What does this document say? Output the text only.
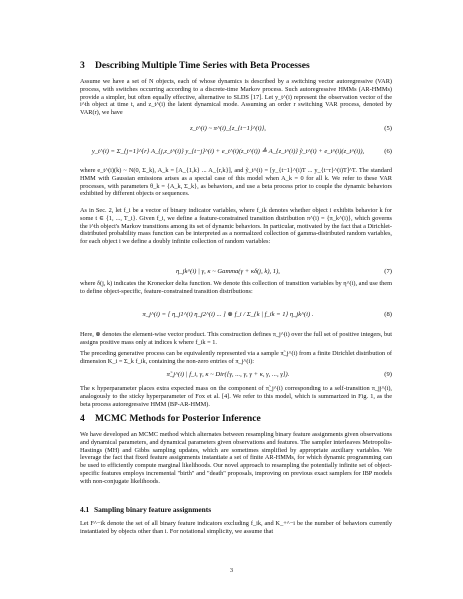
3 Describing Multiple Time Series with Beta Processes

Assume we have a set of N objects, each of whose dynamics is described by a switching vector autoregressive (VAR) process, with switches occurring according to a discrete-time Markov process. Such autoregressive HMMs (AR-HMMs) provide a simpler, but often equally effective, alternative to SLDS [17]. Let y_t^(i) represent the observation vector of the i^th object at time t, and z_t^(i) the latent dynamical mode. Assuming an order r switching VAR process, denoted by VAR(r), we have

z_t^(i) ~ π^(i)_{z_{t−1}^(i)},	(5)
y_t^(i) = Σ_{j=1}^{r} A_{j,z_t^(i)} y_{t−j}^(i) + e_t^(i)(z_t^(i)) ≜ A_{z_t^(i)} ỹ_t^(i) + e_t^(i)(z_t^(i)),	(6)

where e_t^(i)(k) ~ N(0, Σ_k), A_k = [A_{1,k} ... A_{r,k}], and ỹ_t^(i) = [y_{t−1}^(i)T ... y_{t−r}^(i)T]^T. The standard HMM with Gaussian emissions arises as a special case of this model when A_k = 0 for all k. We refer to these VAR processes, with parameters θ_k = {A_k, Σ_k}, as behaviors, and use a beta process prior to couple the dynamic behaviors exhibited by different objects or sequences.

As in Sec. 2, let f_i be a vector of binary indicator variables, where f_ik denotes whether object i exhibits behavior k for some t ∈ {1, ..., T_i}. Given f_i, we define a feature-constrained transition distribution π^(i) = {π_k^(i)}, which governs the i^th object's Markov transitions among its set of dynamic behaviors. In particular, motivated by the fact that a Dirichlet-distributed probability mass function can be interpreted as a normalized collection of gamma-distributed random variables, for each object i we define a doubly infinite collection of random variables:

η_jk^(i) | γ, κ ~ Gamma(γ + κδ(j, k), 1),	(7)

where δ(j, k) indicates the Kronecker delta function. We denote this collection of transition variables by η^(i), and use them to define object-specific, feature-constrained transition distributions:

π_j^(i) = [ η_j1^(i) η_j2^(i) ... ] ⊗ f_i / Σ_{k | f_ik = 1} η_jk^(i) .	(8)

Here, ⊗ denotes the element-wise vector product. This construction defines π_j^(i) over the full set of positive integers, but assigns positive mass only at indices k where f_ik = 1.

The preceding generative process can be equivalently represented via a sample π̃_j^(i) from a finite Dirichlet distribution of dimension K_i = Σ_k f_ik, containing the non-zero entries of π_j^(i):

π̃_j^(i) | f_i, γ, κ ~ Dir([γ, ..., γ, γ + κ, γ, ..., γ]).	(9)

The κ hyperparameter places extra expected mass on the component of π̃_j^(i) corresponding to a self-transition π_jj^(i), analogously to the sticky hyperparameter of Fox et al. [4]. We refer to this model, which is summarized in Fig. 1, as the beta process autoregressive HMM (BP-AR-HMM).

4 MCMC Methods for Posterior Inference

We have developed an MCMC method which alternates between resampling binary feature assignments given observations and dynamical parameters, and dynamical parameters given observations and features. The sampler interleaves Metropolis-Hastings (MH) and Gibbs sampling updates, which are sometimes simplified by appropriate auxiliary variables. We leverage the fact that fixed feature assignments instantiate a set of finite AR-HMMs, for which dynamic programming can be used to efficiently compute marginal likelihoods. Our novel approach to resampling the potentially infinite set of object-specific features employs incremental "birth" and "death" proposals, improving on previous exact samplers for IBP models with non-conjugate likelihoods.

4.1 Sampling binary feature assignments

Let F^−ik denote the set of all binary feature indicators excluding f_ik, and K_+^−i be the number of behaviors currently instantiated by objects other than i. For notational simplicity, we assume that

3
